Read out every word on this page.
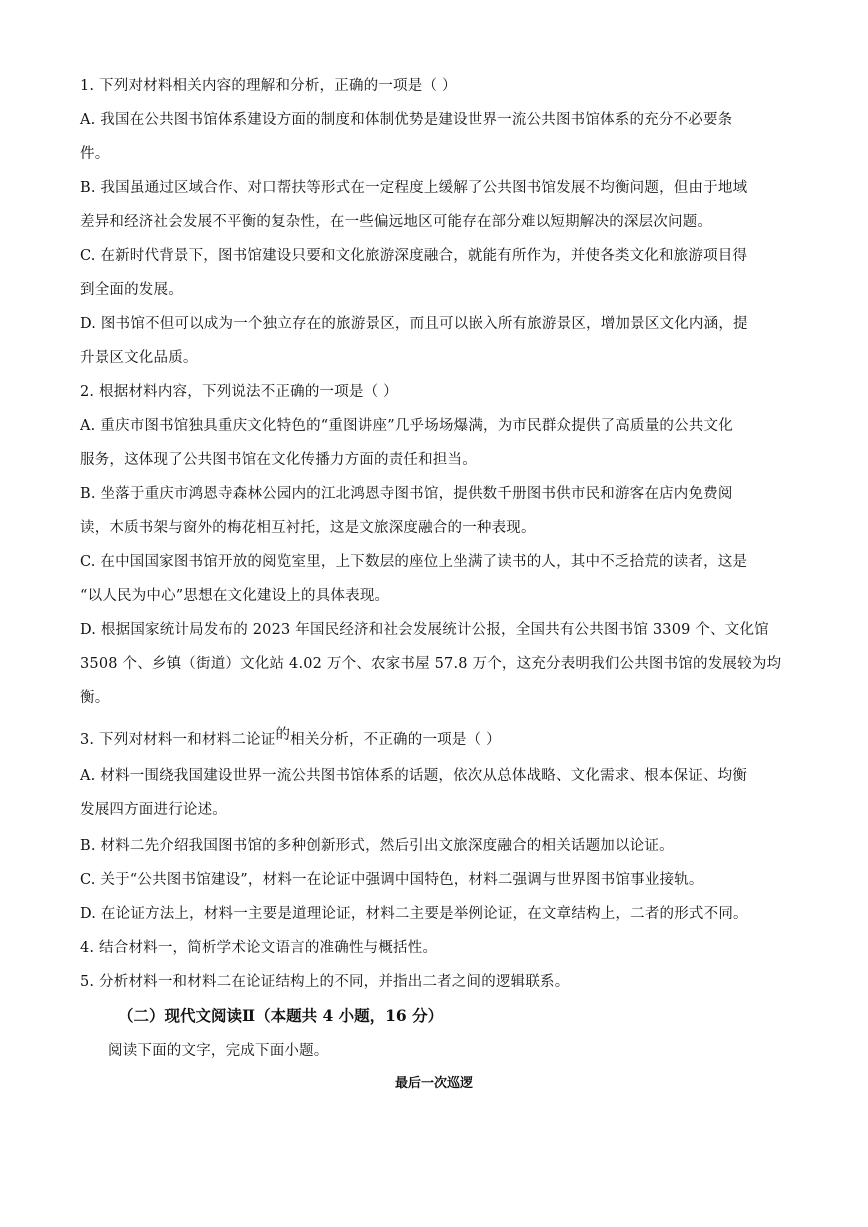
1. 下列对材料相关内容的理解和分析，正确的一项是（ ）
A. 我国在公共图书馆体系建设方面的制度和体制优势是建设世界一流公共图书馆体系的充分不必要条
件。
B. 我国虽通过区域合作、对口帮扶等形式在一定程度上缓解了公共图书馆发展不均衡问题，但由于地域
差异和经济社会发展不平衡的复杂性，在一些偏远地区可能存在部分难以短期解决的深层次问题。
C. 在新时代背景下，图书馆建设只要和文化旅游深度融合，就能有所作为，并使各类文化和旅游项目得
到全面的发展。
D. 图书馆不但可以成为一个独立存在的旅游景区，而且可以嵌入所有旅游景区，增加景区文化内涵，提
升景区文化品质。
2. 根据材料内容，下列说法不正确的一项是（ ）
A. 重庆市图书馆独具重庆文化特色的“重图讲座”几乎场场爆满，为市民群众提供了高质量的公共文化
服务，这体现了公共图书馆在文化传播力方面的责任和担当。
B. 坐落于重庆市鸿恩寺森林公园内的江北鸿恩寺图书馆，提供数千册图书供市民和游客在店内免费阅
读，木质书架与窗外的梅花相互衬托，这是文旅深度融合的一种表现。
C. 在中国国家图书馆开放的阅览室里，上下数层的座位上坐满了读书的人，其中不乏拾荒的读者，这是
“以人民为中心”思想在文化建设上的具体表现。
D. 根据国家统计局发布的 2023 年国民经济和社会发展统计公报，全国共有公共图书馆 3309 个、文化馆
3508 个、乡镇（街道）文化站 4.02 万个、农家书屋 57.8 万个，这充分表明我们公共图书馆的发展较为均
衡。
3. 下列对材料一和材料二论证的相关分析，不正确的一项是（ ）
A. 材料一围绕我国建设世界一流公共图书馆体系的话题，依次从总体战略、文化需求、根本保证、均衡
发展四方面进行论述。
B. 材料二先介绍我国图书馆的多种创新形式，然后引出文旅深度融合的相关话题加以论证。
C. 关于“公共图书馆建设”，材料一在论证中强调中国特色，材料二强调与世界图书馆事业接轨。
D. 在论证方法上，材料一主要是道理论证，材料二主要是举例论证，在文章结构上，二者的形式不同。
4. 结合材料一，简析学术论文语言的准确性与概括性。
5. 分析材料一和材料二在论证结构上的不同，并指出二者之间的逻辑联系。
（二）现代文阅读Ⅱ（本题共 4 小题，16 分）
阅读下面的文字，完成下面小题。
最后一次巡逻
